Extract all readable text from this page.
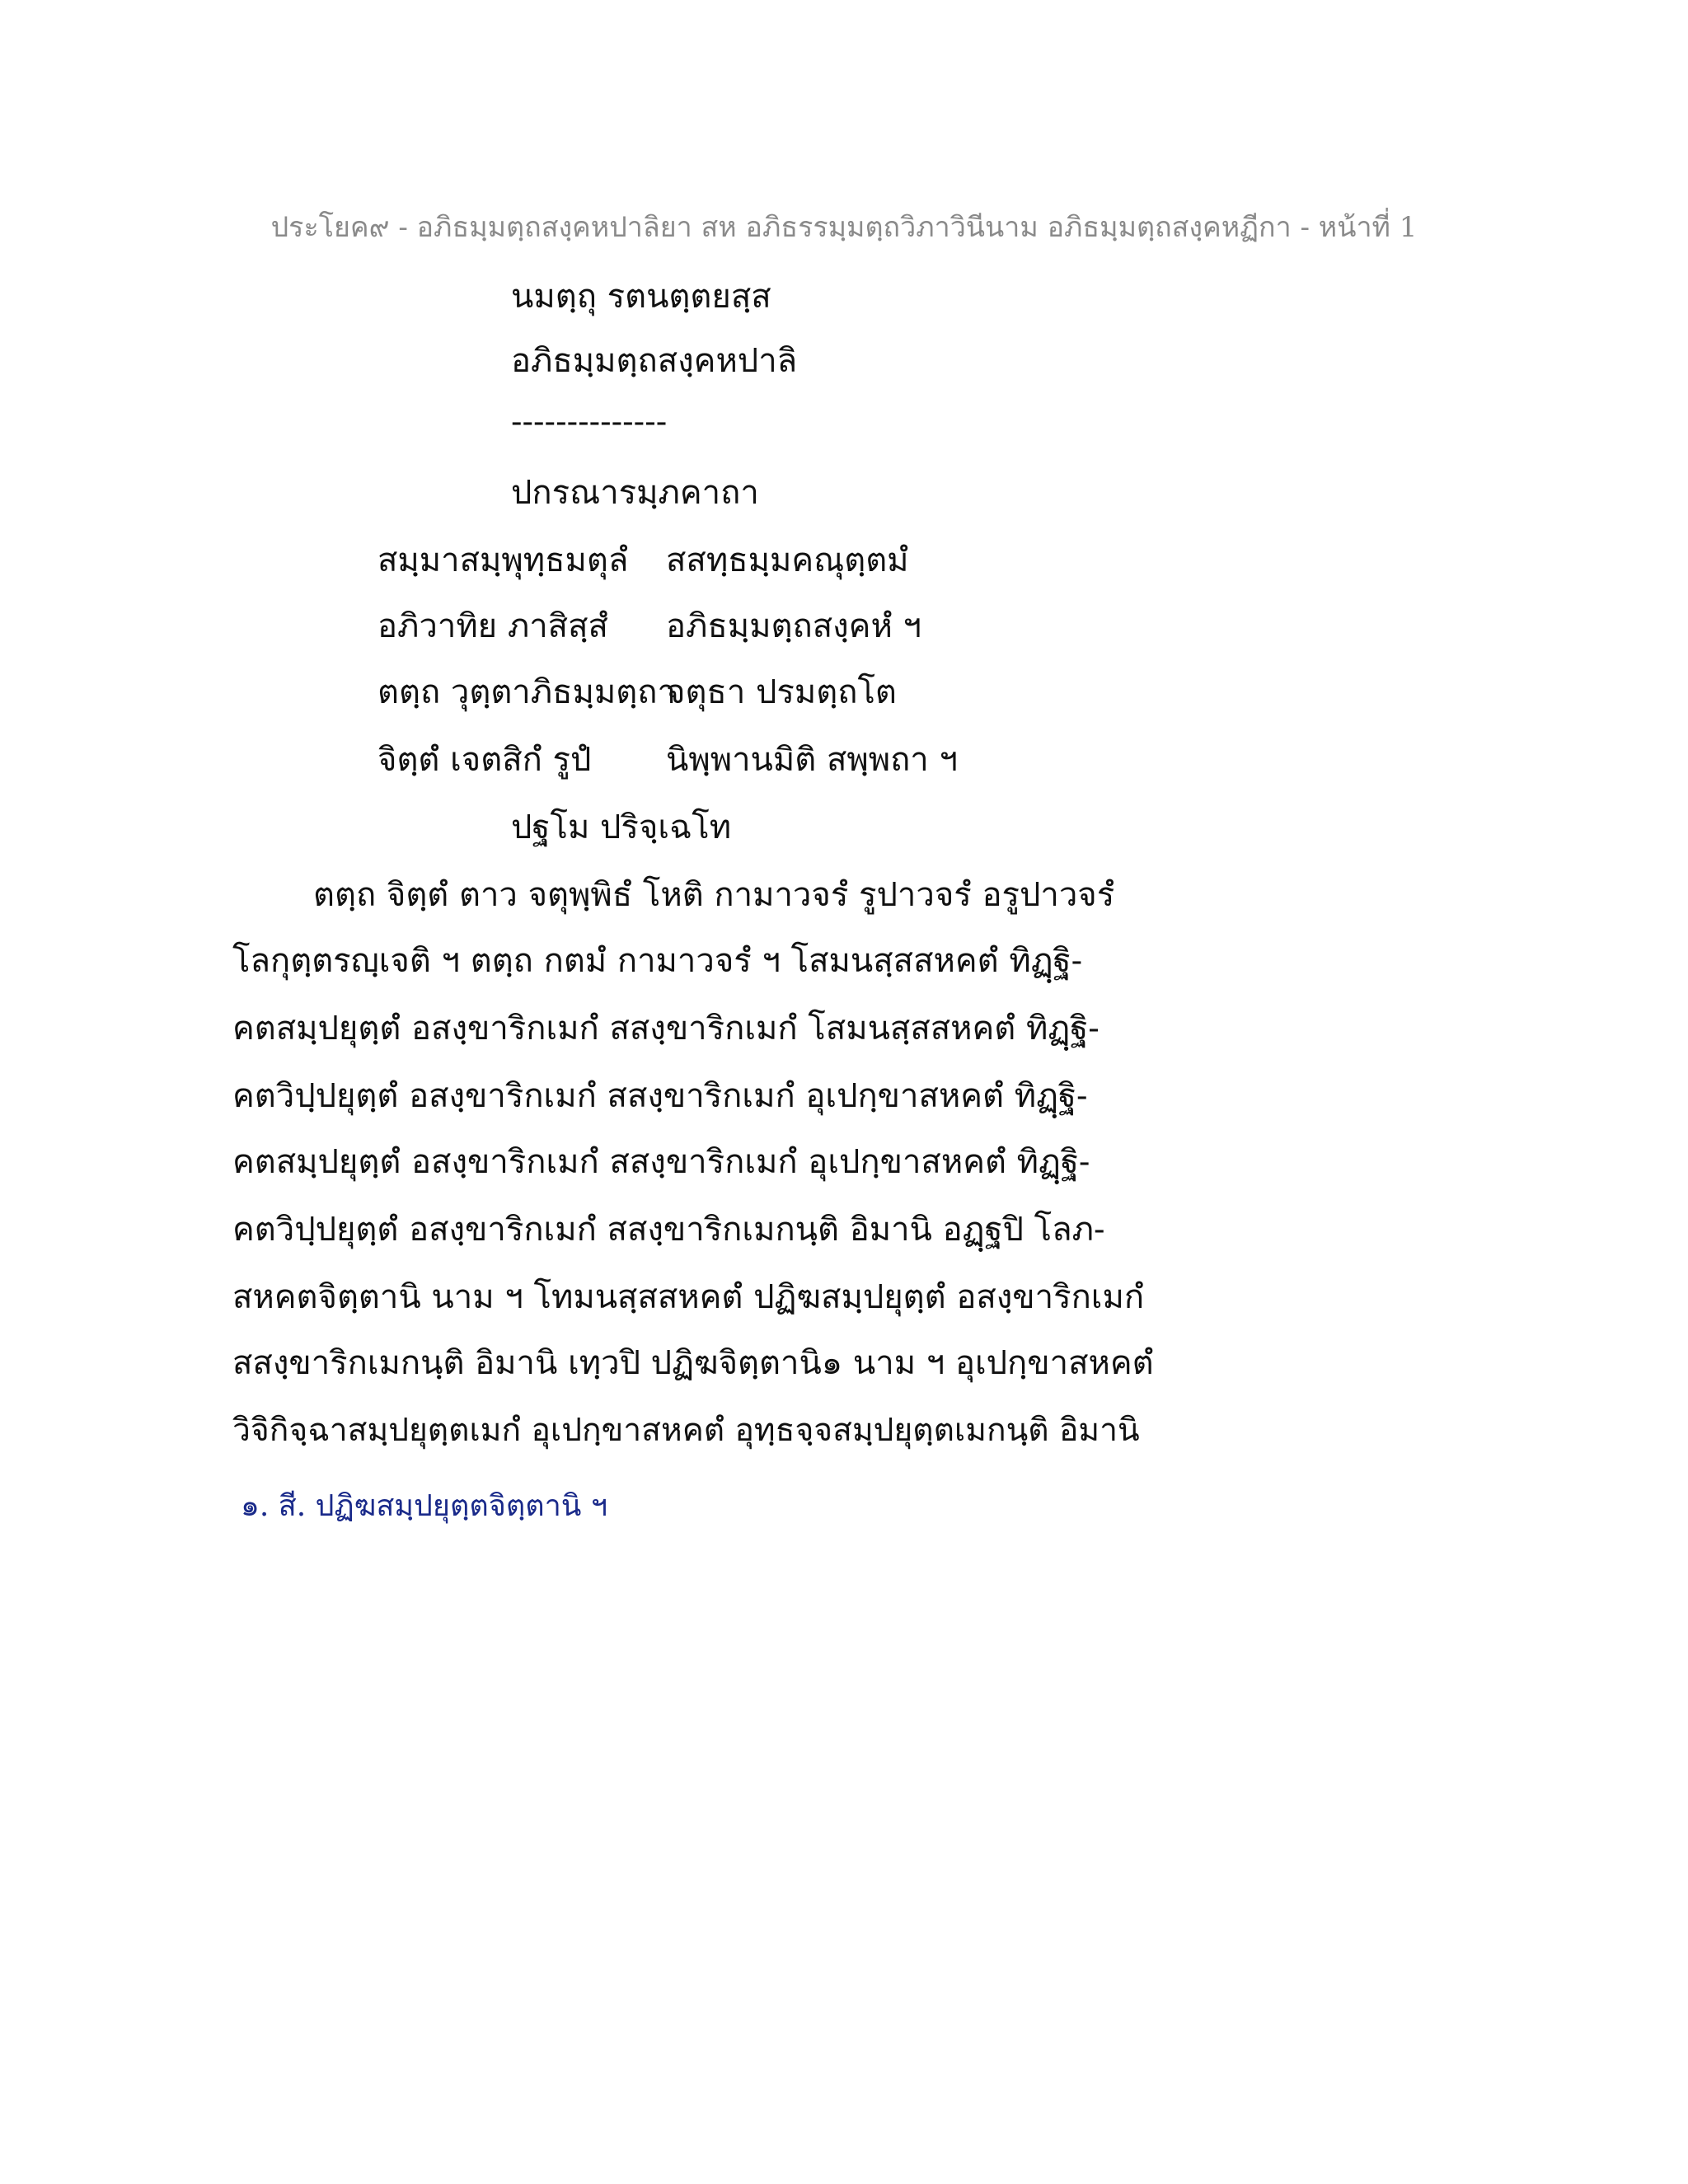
ประโยค๙ - อภิธมฺมตฺถสงฺคหปาลิยา สห อภิธรรมฺมตฺถวิภาวินีนาม อภิธมฺมตฺถสงฺคหฏีกา - หน้าที่ 1
นมตฺถุ รตนตฺตยสฺส
อภิธมฺมตฺถสงฺคหปาลิ
--------------
ปกรณารมฺภคาถา
สมฺมาสมฺพุทฺธมตุลํ สสทฺธมฺมคณุตฺตมํ
อภิวาทิย ภาสิสฺสํ อภิธมฺมตฺถสงฺคหํ ฯ
ตตฺถ วุตฺตาภิธมฺมตฺถา
จตุธา ปรมตฺถโต
จิตฺตํ เจตสิกํ รูปํ นิพฺพานมิติ สพฺพถา ฯ
ปฐโม ปริจฺเฉโท
ตตฺถ จิตฺตํ ตาว จตุพฺพิธํ โหติ กามาวจรํ รูปาวจรํ อรูปาวจรํ
โลกุตฺตรญฺเจติ ฯ ตตฺถ กตมํ กามาวจรํ ฯ โสมนสฺสสหคตํ ทิฏฺฐิ-
คตสมฺปยุตฺตํ อสงฺขาริกเมกํ สสงฺขาริกเมกํ โสมนสฺสสหคตํ ทิฏฺฐิ-
คตวิปฺปยุตฺตํ อสงฺขาริกเมกํ สสงฺขาริกเมกํ อุเปกฺขาสหคตํ ทิฏฺฐิ-
คตสมฺปยุตฺตํ อสงฺขาริกเมกํ สสงฺขาริกเมกํ อุเปกฺขาสหคตํ ทิฏฺฐิ-
คตวิปฺปยุตฺตํ อสงฺขาริกเมกํ สสงฺขาริกเมกนฺติ อิมานิ อฏฺฐปิ โลภ-
สหคตจิตฺตานิ นาม ฯ โทมนสฺสสหคตํ ปฏิฆสมฺปยุตฺตํ อสงฺขาริกเมกํ
สสงฺขาริกเมกนฺติ อิมานิ เทฺวปิ ปฏิฆจิตฺตานิ๑ นาม ฯ อุเปกฺขาสหคตํ
วิจิกิจฺฉาสมฺปยุตฺตเมกํ อุเปกฺขาสหคตํ อุทฺธจฺจสมฺปยุตฺตเมกนฺติ อิมานิ
๑. สี. ปฏิฆสมฺปยุตฺตจิตฺตานิ ฯ
